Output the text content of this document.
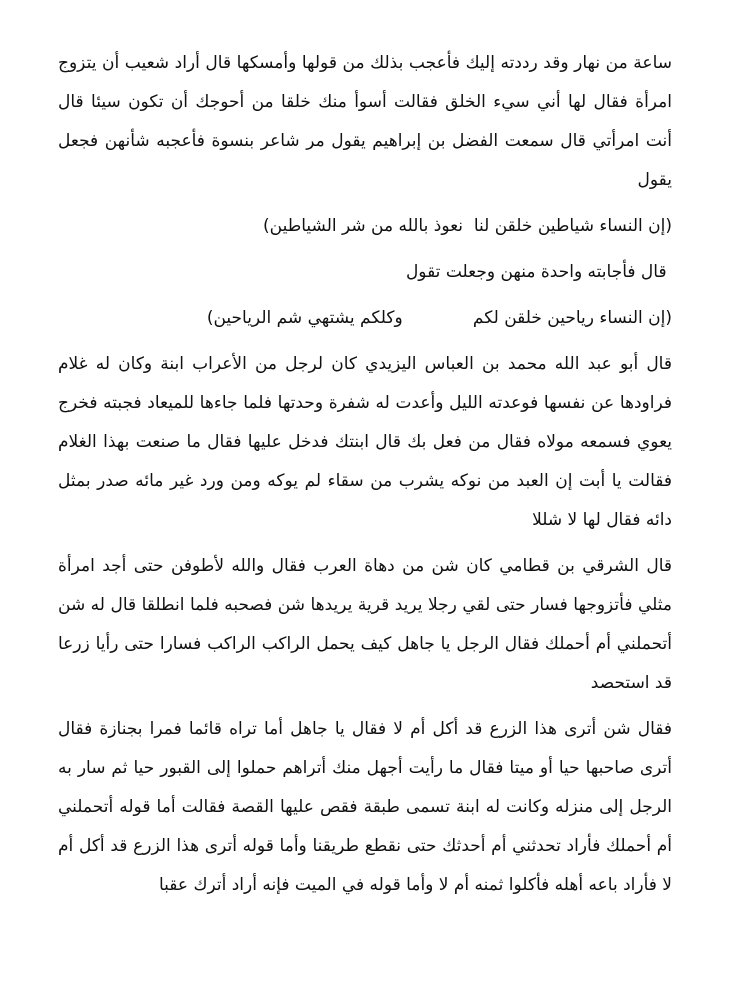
ساعة من نهار وقد رددته إليك فأعجب بذلك من قولها وأمسكها قال أراد شعيب أن يتزوج امرأة فقال لها أني سيء الخلق فقالت أسوأ منك خلقا من أحوجك أن تكون سيئا قال أنت امرأتي قال سمعت الفضل بن إبراهيم يقول مر شاعر بنسوة فأعجبه شأنهن فجعل يقول

(إن النساء شياطين خلقن لنا  نعوذ بالله من شر الشياطين)

قال فأجابته واحدة منهن وجعلت تقول

(إن النساء رياحين خلقن لكم             وكلكم يشتهي شم الرياحين)

قال أبو عبد الله محمد بن العباس اليزيدي كان لرجل من الأعراب ابنة وكان له غلام فراودها عن نفسها فوعدته الليل وأعدت له شفرة وحدتها فلما جاءها للميعاد فجبته فخرج يعوي فسمعه مولاه فقال من فعل بك قال ابنتك فدخل عليها فقال ما صنعت بهذا الغلام فقالت يا أبت إن العبد من نوكه يشرب من سقاء لم يوكه ومن ورد غير مائه صدر بمثل دائه فقال لها لا شللا

قال الشرقي بن قطامي كان شن من دهاة العرب فقال والله لأطوفن حتى أجد امرأة مثلي فأتزوجها فسار حتى لقي رجلا يريد قرية يريدها شن فصحبه فلما انطلقا قال له شن أتحملني أم أحملك فقال الرجل يا جاهل كيف يحمل الراكب الراكب فسارا حتى رأيا زرعا قد استحصد

فقال شن أترى هذا الزرع قد أكل أم لا فقال يا جاهل أما تراه قائما فمرا بجنازة فقال أترى صاحبها حيا أو ميتا فقال ما رأيت أجهل منك أتراهم حملوا إلى القبور حيا ثم سار به الرجل إلى منزله وكانت له ابنة تسمى طبقة فقص عليها القصة فقالت أما قوله أتحملني أم أحملك فأراد تحدثني أم أحدثك حتى نقطع طريقنا وأما قوله أترى هذا الزرع قد أكل أم لا فأراد باعه أهله فأكلوا ثمنه أم لا وأما قوله في الميت فإنه أراد أترك عقبا
